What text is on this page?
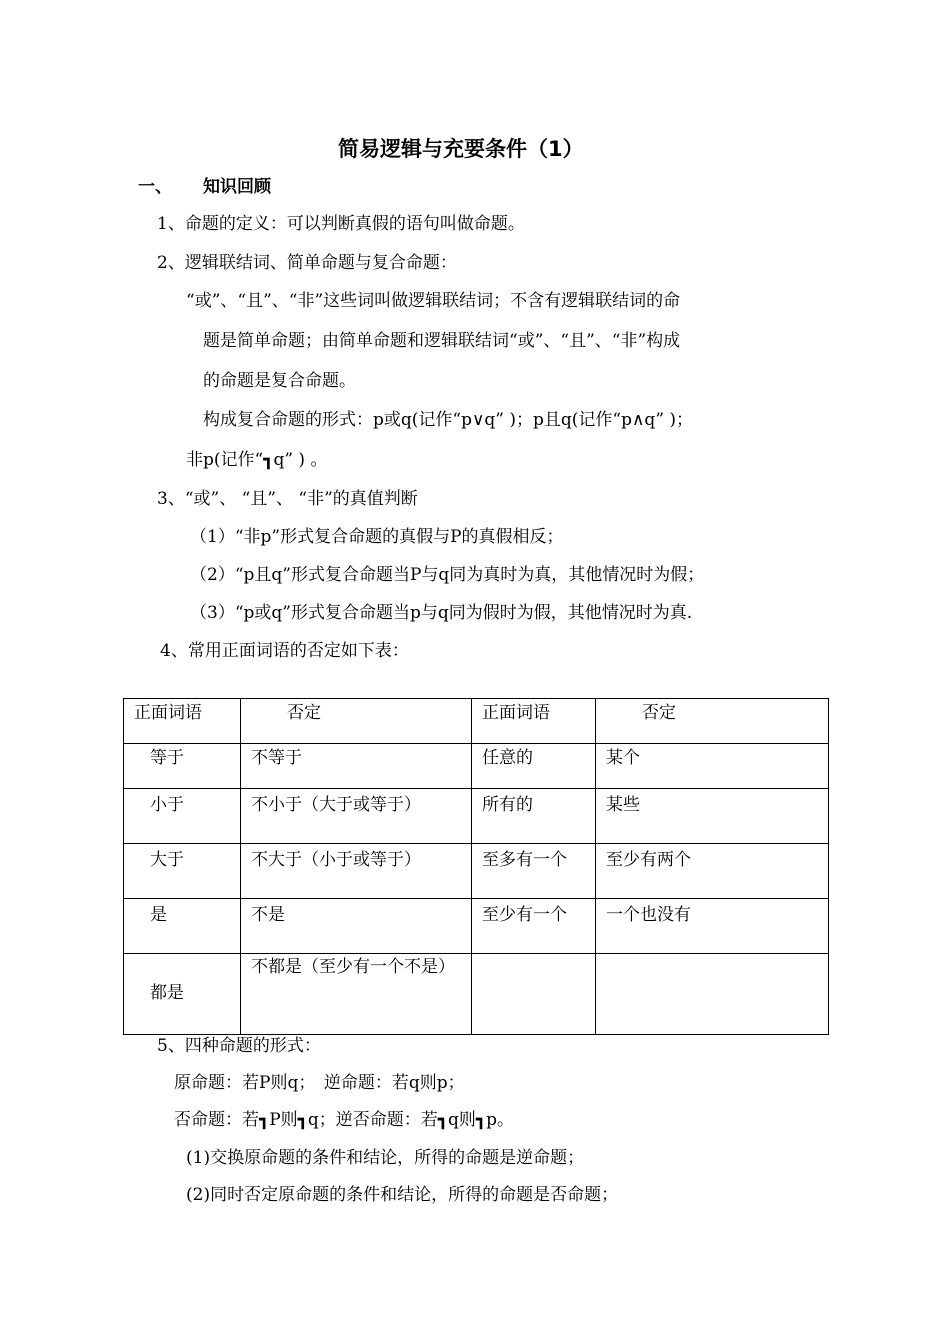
简易逻辑与充要条件（1）
一、 知识回顾
1、命题的定义：可以判断真假的语句叫做命题。
2、逻辑联结词、简单命题与复合命题：
“或”、“且”、“非”这些词叫做逻辑联结词；不含有逻辑联结词的命
题是简单命题；由简单命题和逻辑联结词“或”、“且”、“非”构成
的命题是复合命题。
构成复合命题的形式：p或q(记作“p∨q” )；p且q(记作“p∧q” )；
非p(记作“┓q” ) 。
3、“或”、 “且”、 “非”的真值判断
（1）“非p”形式复合命题的真假与P的真假相反；
（2）“p且q”形式复合命题当P与q同为真时为真，其他情况时为假；
（3）“p或q”形式复合命题当p与q同为假时为假，其他情况时为真.
4、常用正面词语的否定如下表：
正面词语	否定	正面词语	否定
等于	不等于	任意的	某个
小于	不小于（大于或等于）	所有的	某些
大于	不大于（小于或等于）	至多有一个	至少有两个
是	不是	至少有一个	一个也没有
都是	不都是（至少有一个不是）		

5、四种命题的形式：
原命题：若P则q；　逆命题：若q则p；
否命题：若┓P则┓q；逆否命题：若┓q则┓p。
(1)交换原命题的条件和结论，所得的命题是逆命题；
(2)同时否定原命题的条件和结论，所得的命题是否命题；
